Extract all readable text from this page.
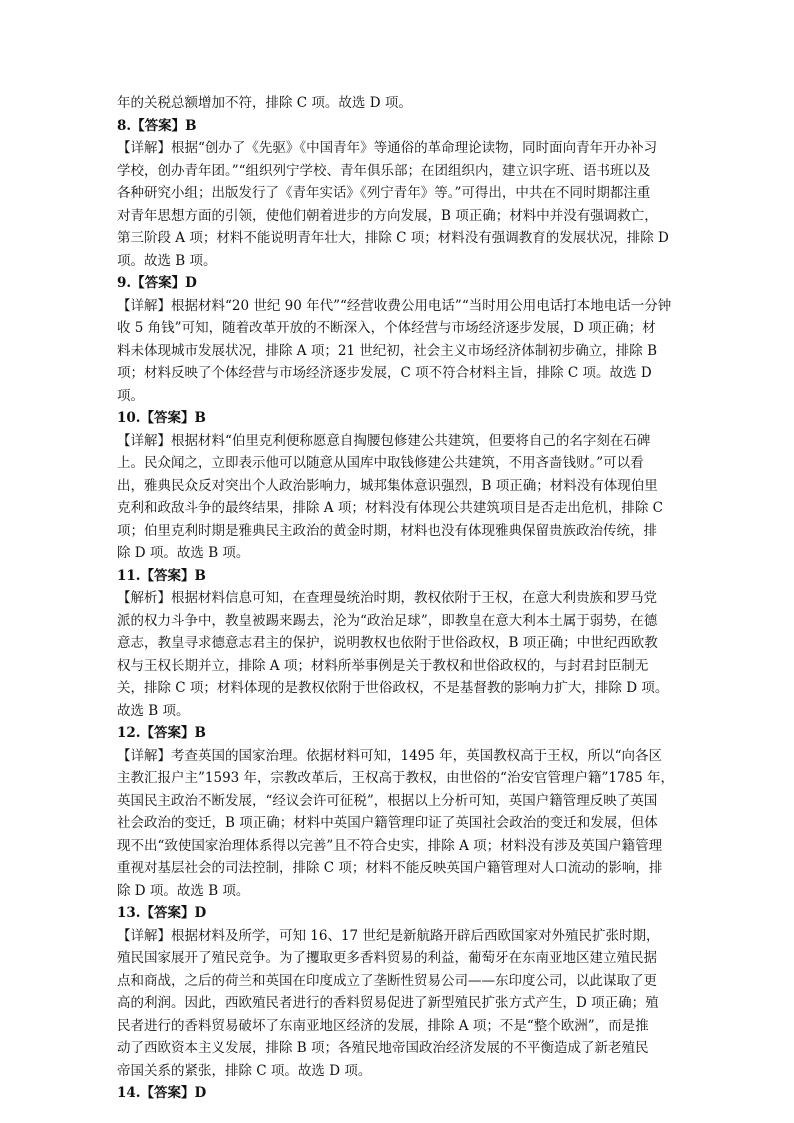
年的关税总额增加不符，排除 C 项。故选 D 项。
8.【答案】B
【详解】根据“创办了《先驱》《中国青年》等通俗的革命理论读物，同时面向青年开办补习
学校，创办青年团。”“组织列宁学校、青年俱乐部；在团组织内，建立识字班、语书班以及
各种研究小组；出版发行了《青年实话》《列宁青年》等。”可得出，中共在不同时期都注重
对青年思想方面的引领，使他们朝着进步的方向发展，B 项正确；材料中并没有强调救亡，
第三阶段 A 项；材料不能说明青年壮大，排除 C 项；材料没有强调教育的发展状况，排除 D
项。故选 B 项。
9.【答案】D
【详解】根据材料“20 世纪 90 年代”“经营收费公用电话”“当时用公用电话打本地电话一分钟
收 5 角钱”可知，随着改革开放的不断深入，个体经营与市场经济逐步发展，D 项正确；材
料未体现城市发展状况，排除 A 项；21 世纪初，社会主义市场经济体制初步确立，排除 B
项；材料反映了个体经营与市场经济逐步发展，C 项不符合材料主旨，排除 C 项。故选 D
项。
10.【答案】B
【详解】根据材料“伯里克利便称愿意自掏腰包修建公共建筑，但要将自己的名字刻在石碑
上。民众闻之，立即表示他可以随意从国库中取钱修建公共建筑，不用吝啬钱财。”可以看
出，雅典民众反对突出个人政治影响力，城邦集体意识强烈，B 项正确；材料没有体现伯里
克利和政敌斗争的最终结果，排除 A 项；材料没有体现公共建筑项目是否走出危机，排除 C
项；伯里克利时期是雅典民主政治的黄金时期，材料也没有体现雅典保留贵族政治传统，排
除 D 项。故选 B 项。
11.【答案】B
【解析】根据材料信息可知，在查理曼统治时期，教权依附于王权，在意大利贵族和罗马党
派的权力斗争中，教皇被踢来踢去，沦为“政治足球”，即教皇在意大利本土属于弱势，在德
意志，教皇寻求德意志君主的保护，说明教权也依附于世俗政权，B 项正确；中世纪西欧教
权与王权长期并立，排除 A 项；材料所举事例是关于教权和世俗政权的，与封君封臣制无
关，排除 C 项；材料体现的是教权依附于世俗政权，不是基督教的影响力扩大，排除 D 项。
故选 B 项。
12.【答案】B
【详解】考查英国的国家治理。依据材料可知，1495 年，英国教权高于王权，所以“向各区
主教汇报户主”1593 年，宗教改革后，王权高于教权，由世俗的“治安官管理户籍”1785 年，
英国民主政治不断发展，“经议会许可征税”，根据以上分析可知，英国户籍管理反映了英国
社会政治的变迁，B 项正确；材料中英国户籍管理印证了英国社会政治的变迁和发展，但体
现不出“致使国家治理体系得以完善”且不符合史实，排除 A 项；材料没有涉及英国户籍管理
重视对基层社会的司法控制，排除 C 项；材料不能反映英国户籍管理对人口流动的影响，排
除 D 项。故选 B 项。
13.【答案】D
【详解】根据材料及所学，可知 16、17 世纪是新航路开辟后西欧国家对外殖民扩张时期，
殖民国家展开了殖民竞争。为了攫取更多香料贸易的利益，葡萄牙在东南亚地区建立殖民据
点和商战，之后的荷兰和英国在印度成立了垄断性贸易公司——东印度公司，以此谋取了更
高的利润。因此，西欧殖民者进行的香料贸易促进了新型殖民扩张方式产生，D 项正确；殖
民者进行的香料贸易破坏了东南亚地区经济的发展，排除 A 项；不是“整个欧洲”，而是推
动了西欧资本主义发展，排除 B 项；各殖民地帝国政治经济发展的不平衡造成了新老殖民
帝国关系的紧张，排除 C 项。故选 D 项。
14.【答案】D
